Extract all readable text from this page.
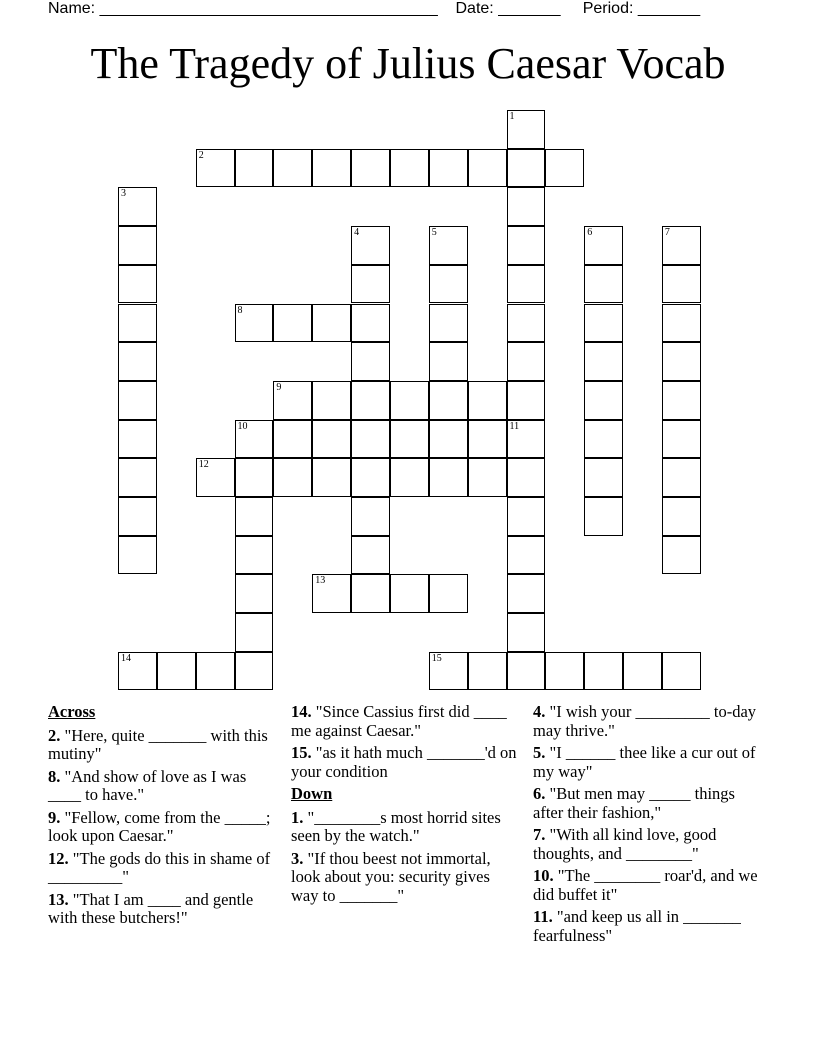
Name: ______________________________________ Date: _______ Period: _______
The Tragedy of Julius Caesar Vocab
1
11
2
3
4	5	6	7
8
9
10
12
13
14	15
Across
2. "Here, quite _______ with this mutiny"
8. "And show of love as I was ____ to have."
9. "Fellow, come from the _____; look upon Caesar."
12. "The gods do this in shame of _________"
13. "That I am ____ and gentle with these butchers!"
14. "Since Cassius first did ____ me against Caesar."
15. "as it hath much _______'d on your condition
Down
1. "________s most horrid sites seen by the watch."
3. "If thou beest not immortal, look about you: security gives way to _______"
4. "I wish your _________ to-day may thrive."
5. "I ______ thee like a cur out of my way"
6. "But men may _____ things after their fashion,"
7. "With all kind love, good thoughts, and ________"
10. "The ________ roar'd, and we did buffet it"
11. "and keep us all in _______ fearfulness"
